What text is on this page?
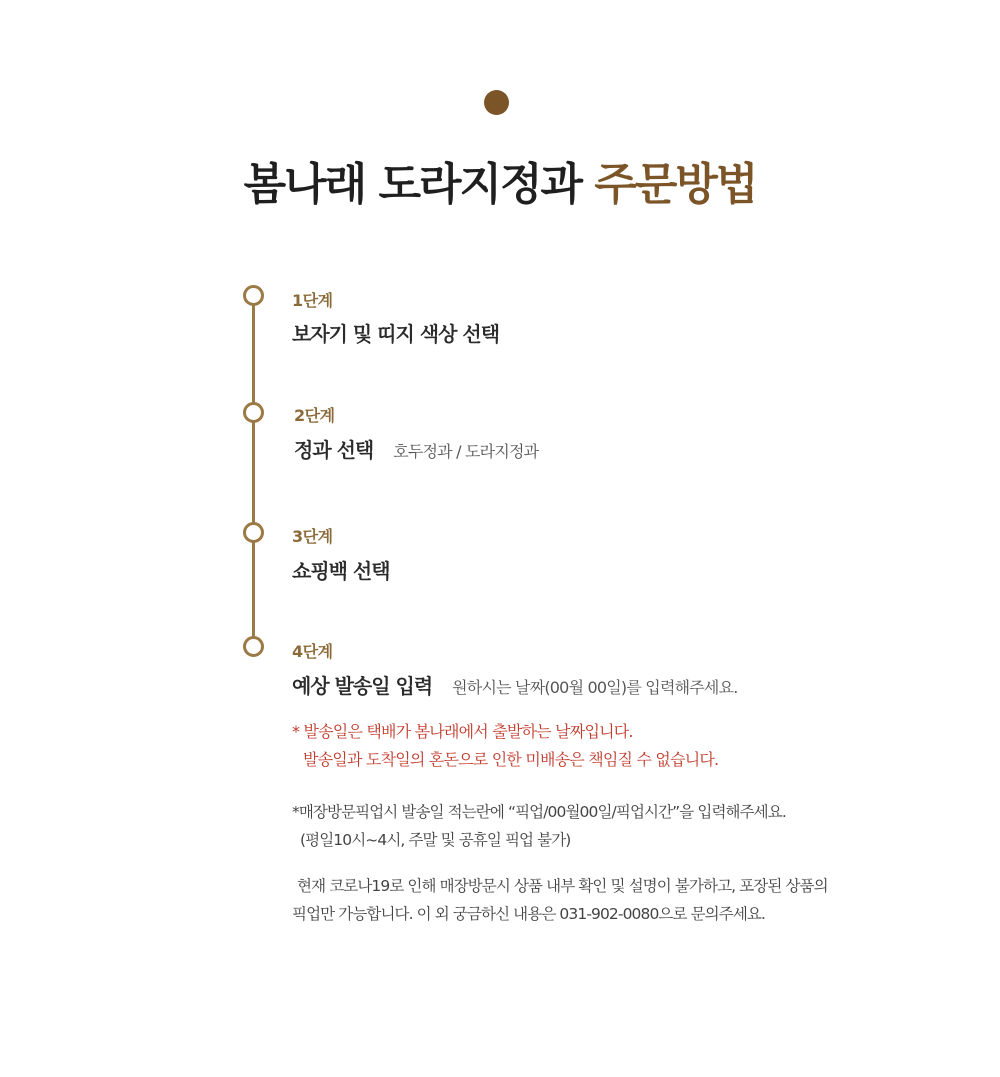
봄나래 도라지정과 주문방법
1단계
보자기 및 띠지 색상 선택
2단계
정과 선택 호두정과 / 도라지정과
3단계
쇼핑백 선택
4단계
예상 발송일 입력 원하시는 날짜(00월 00일)를 입력해주세요.
* 발송일은 택배가 봄나래에서 출발하는 날짜입니다.
발송일과 도착일의 혼돈으로 인한 미배송은 책임질 수 없습니다.
*매장방문픽업시 발송일 적는란에 “픽업/00월00일/픽업시간”을 입력해주세요.
(평일10시~4시, 주말 및 공휴일 픽업 불가)
현재 코로나19로 인해 매장방문시 상품 내부 확인 및 설명이 불가하고, 포장된 상품의
픽업만 가능합니다. 이 외 궁금하신 내용은 031-902-0080으로 문의주세요.
